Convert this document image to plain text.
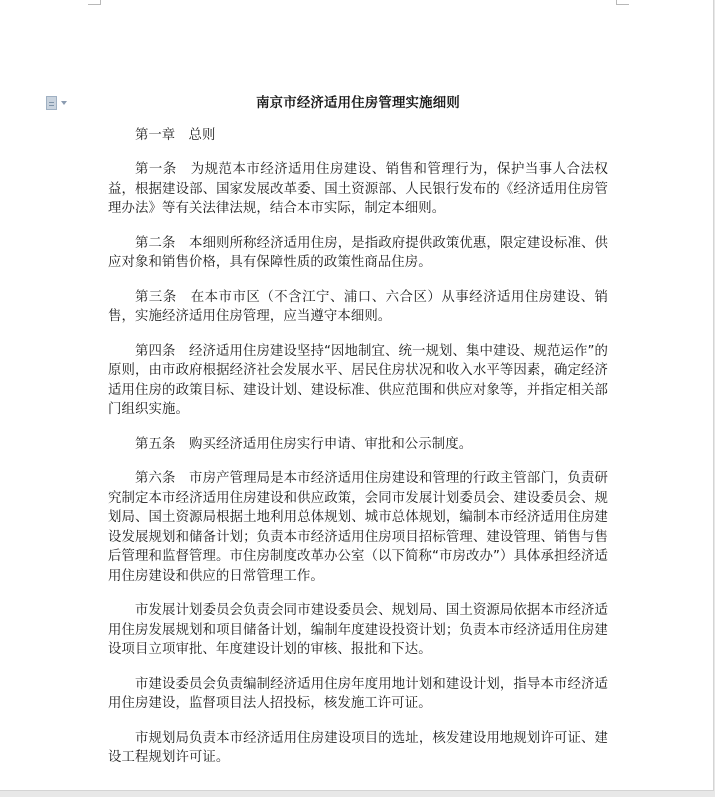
南京市经济适用住房管理实施细则
第一章　总则

第一条　为规范本市经济适用住房建设、销售和管理行为，保护当事人合法权益，根据建设部、国家发展改革委、国土资源部、人民银行发布的《经济适用住房管理办法》等有关法律法规，结合本市实际，制定本细则。

第二条　本细则所称经济适用住房，是指政府提供政策优惠，限定建设标准、供应对象和销售价格，具有保障性质的政策性商品住房。

第三条　在本市市区（不含江宁、浦口、六合区）从事经济适用住房建设、销售，实施经济适用住房管理，应当遵守本细则。

第四条　经济适用住房建设坚持“因地制宜、统一规划、集中建设、规范运作”的原则，由市政府根据经济社会发展水平、居民住房状况和收入水平等因素，确定经济适用住房的政策目标、建设计划、建设标准、供应范围和供应对象等，并指定相关部门组织实施。

第五条　购买经济适用住房实行申请、审批和公示制度。

第六条　市房产管理局是本市经济适用住房建设和管理的行政主管部门，负责研究制定本市经济适用住房建设和供应政策，会同市发展计划委员会、建设委员会、规划局、国土资源局根据土地利用总体规划、城市总体规划，编制本市经济适用住房建设发展规划和储备计划；负责本市经济适用住房项目招标管理、建设管理、销售与售后管理和监督管理。市住房制度改革办公室（以下简称“市房改办”）具体承担经济适用住房建设和供应的日常管理工作。

市发展计划委员会负责会同市建设委员会、规划局、国土资源局依据本市经济适用住房发展规划和项目储备计划，编制年度建设投资计划；负责本市经济适用住房建设项目立项审批、年度建设计划的审核、报批和下达。

市建设委员会负责编制经济适用住房年度用地计划和建设计划，指导本市经济适用住房建设，监督项目法人招投标，核发施工许可证。

市规划局负责本市经济适用住房建设项目的选址，核发建设用地规划许可证、建设工程规划许可证。
